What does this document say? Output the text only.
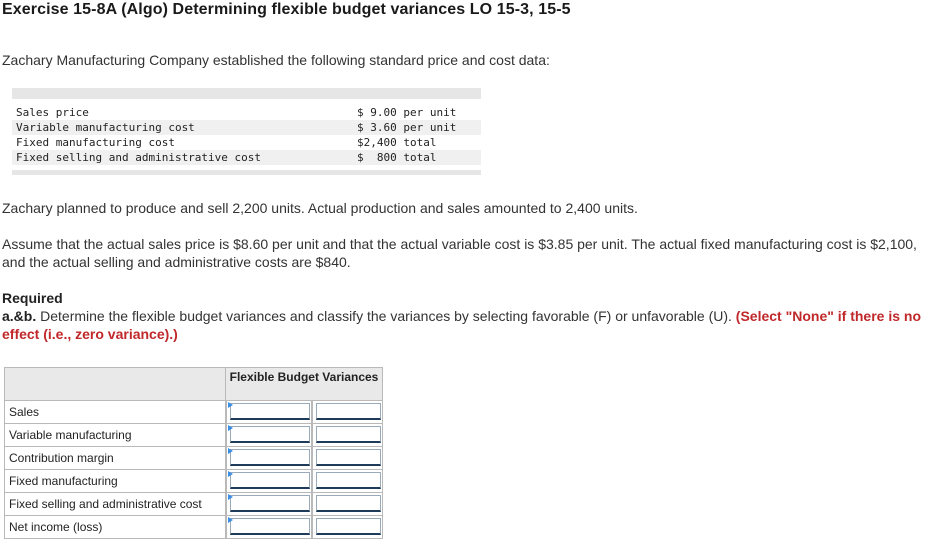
Exercise 15-8A (Algo) Determining flexible budget variances LO 15-3, 15-5
Zachary Manufacturing Company established the following standard price and cost data:
Sales price	$ 9.00 per unit
Variable manufacturing cost	$ 3.60 per unit
Fixed manufacturing cost	$2,400 total
Fixed selling and administrative cost	$  800 total
Zachary planned to produce and sell 2,200 units. Actual production and sales amounted to 2,400 units.
Assume that the actual sales price is $8.60 per unit and that the actual variable cost is $3.85 per unit. The actual fixed manufacturing cost is $2,100, and the actual selling and administrative costs are $840.
Required
a.&b. Determine the flexible budget variances and classify the variances by selecting favorable (F) or unfavorable (U). (Select "None" if there is no effect (i.e., zero variance).)
Flexible Budget Variances
Sales
Variable manufacturing
Contribution margin
Fixed manufacturing
Fixed selling and administrative cost
Net income (loss)
